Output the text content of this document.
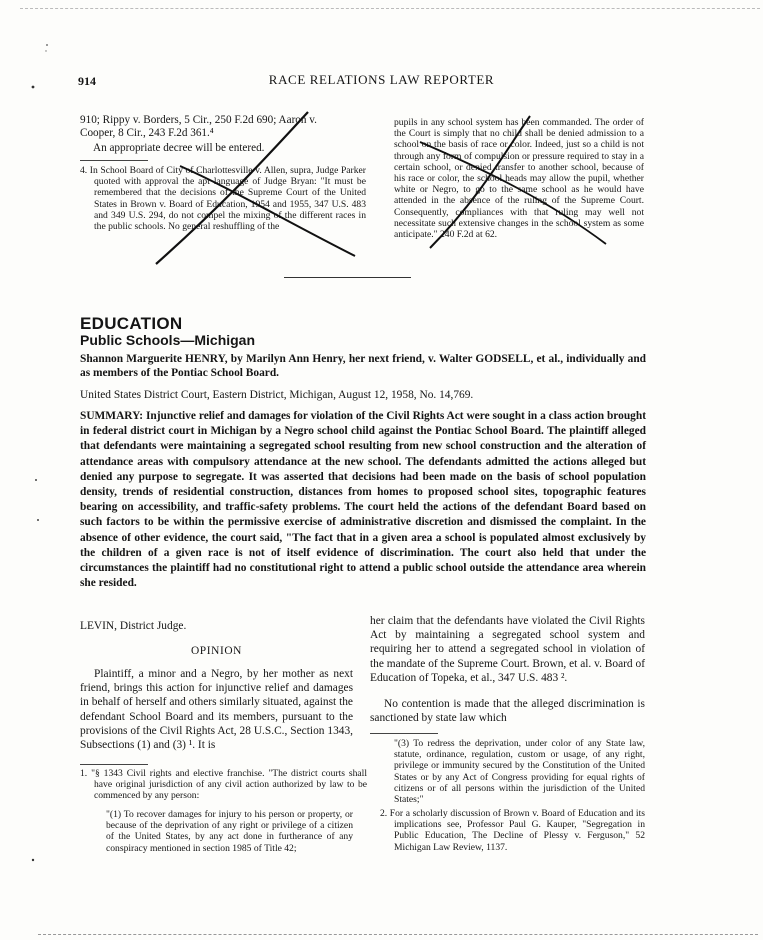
914	RACE RELATIONS LAW REPORTER
910; Rippy v. Borders, 5 Cir., 250 F.2d 690; Aaron v. Cooper, 8 Cir., 243 F.2d 361.⁴
An appropriate decree will be entered.
4. In School Board of City of Charlottesville v. Allen, supra, Judge Parker quoted with approval the apt language of Judge Bryan: "It must be remembered that the decisions of the Supreme Court of the United States in Brown v. Board of Education, 1954 and 1955, 347 U.S. 483 and 349 U.S. 294, do not compel the mixing of the different races in the public schools. No general reshuffling of the
pupils in any school system has been commanded. The order of the Court is simply that no child shall be denied admission to a school on the basis of race or color. Indeed, just so a child is not through any form of compulsion or pressure required to stay in a certain school, or denied transfer to another school, because of his race or color, the school heads may allow the pupil, whether white or Negro, to go to the same school as he would have attended in the absence of the ruling of the Supreme Court. Consequently, compliances with that ruling may well not necessitate such extensive changes in the school system as some anticipate." 240 F.2d at 62.
EDUCATION
Public Schools—Michigan
Shannon Marguerite HENRY, by Marilyn Ann Henry, her next friend, v. Walter GODSELL, et al., individually and as members of the Pontiac School Board.
United States District Court, Eastern District, Michigan, August 12, 1958, No. 14,769.
SUMMARY: Injunctive relief and damages for violation of the Civil Rights Act were sought in a class action brought in federal district court in Michigan by a Negro school child against the Pontiac School Board. The plaintiff alleged that defendants were maintaining a segregated school resulting from new school construction and the alteration of attendance areas with compulsory attendance at the new school. The defendants admitted the actions alleged but denied any purpose to segregate. It was asserted that decisions had been made on the basis of school population density, trends of residential construction, distances from homes to proposed school sites, topographic features bearing on accessibility, and traffic-safety problems. The court held the actions of the defendant Board based on such factors to be within the permissive exercise of administrative discretion and dismissed the complaint. In the absence of other evidence, the court said, "The fact that in a given area a school is populated almost exclusively by the children of a given race is not of itself evidence of discrimination. The court also held that under the circumstances the plaintiff had no constitutional right to attend a public school outside the attendance area wherein she resided.
LEVIN, District Judge.
OPINION
Plaintiff, a minor and a Negro, by her mother as next friend, brings this action for injunctive relief and damages in behalf of herself and others similarly situated, against the defendant School Board and its members, pursuant to the provisions of the Civil Rights Act, 28 U.S.C., Section 1343, Subsections (1) and (3) ¹. It is
1. "§ 1343 Civil rights and elective franchise. "The district courts shall have original jurisdiction of any civil action authorized by law to be commenced by any person:
"(1) To recover damages for injury to his person or property, or because of the deprivation of any right or privilege of a citizen of the United States, by any act done in furtherance of any conspiracy mentioned in section 1985 of Title 42;
her claim that the defendants have violated the Civil Rights Act by maintaining a segregated school system and requiring her to attend a segregated school in violation of the mandate of the Supreme Court. Brown, et al. v. Board of Education of Topeka, et al., 347 U.S. 483 ².
No contention is made that the alleged discrimination is sanctioned by state law which
"(3) To redress the deprivation, under color of any State law, statute, ordinance, regulation, custom or usage, of any right, privilege or immunity secured by the Constitution of the United States or by any Act of Congress providing for equal rights of citizens or of all persons within the jurisdiction of the United States;"
2. For a scholarly discussion of Brown v. Board of Education and its implications see, Professor Paul G. Kauper, "Segregation in Public Education, The Decline of Plessy v. Ferguson," 52 Michigan Law Review, 1137.
